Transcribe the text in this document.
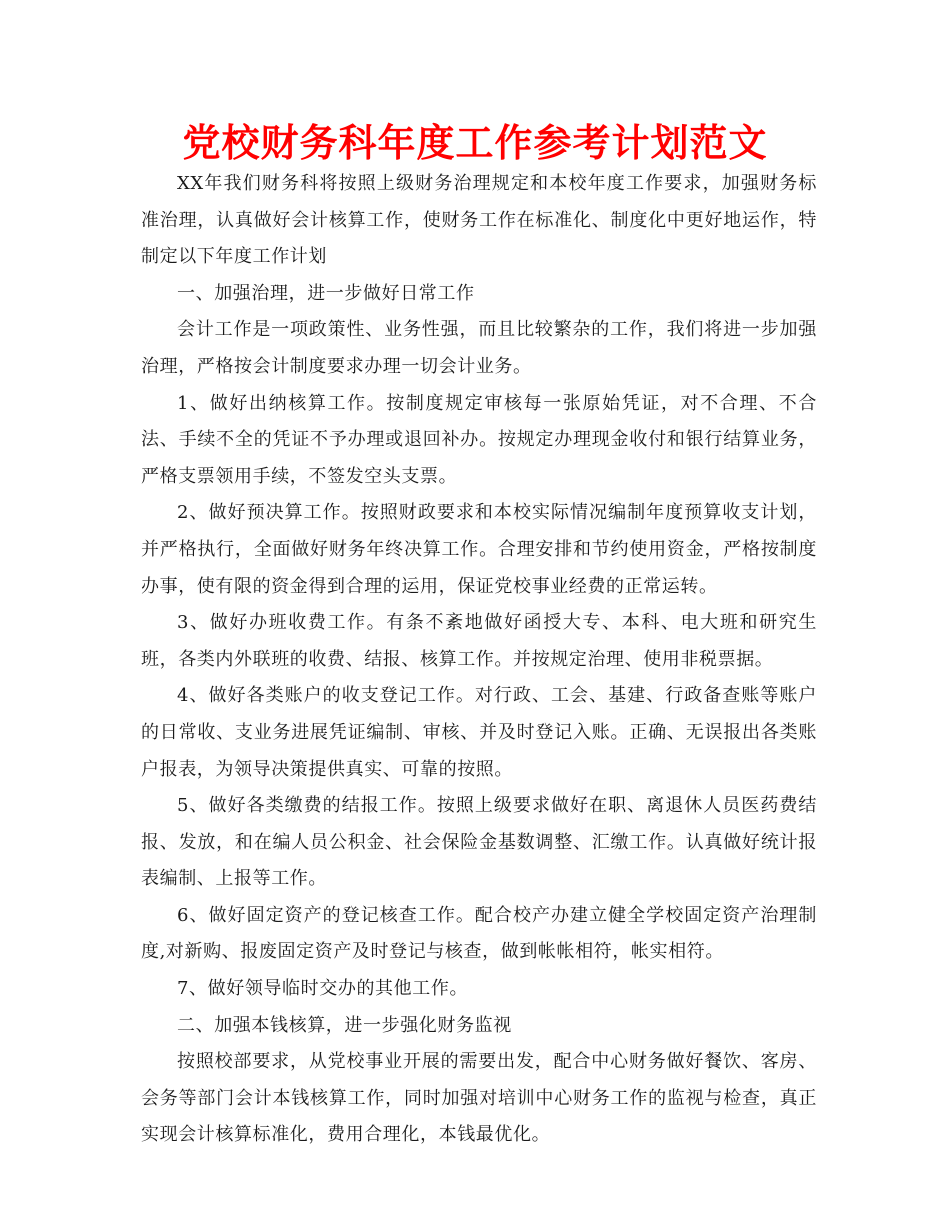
党校财务科年度工作参考计划范文

XX年我们财务科将按照上级财务治理规定和本校年度工作要求，加强财务标准治理，认真做好会计核算工作，使财务工作在标准化、制度化中更好地运作，特制定以下年度工作计划

一、加强治理，进一步做好日常工作

会计工作是一项政策性、业务性强，而且比较繁杂的工作，我们将进一步加强治理，严格按会计制度要求办理一切会计业务。

1、做好出纳核算工作。按制度规定审核每一张原始凭证，对不合理、不合法、手续不全的凭证不予办理或退回补办。按规定办理现金收付和银行结算业务，严格支票领用手续，不签发空头支票。

2、做好预决算工作。按照财政要求和本校实际情况编制年度预算收支计划，并严格执行，全面做好财务年终决算工作。合理安排和节约使用资金，严格按制度办事，使有限的资金得到合理的运用，保证党校事业经费的正常运转。

3、做好办班收费工作。有条不紊地做好函授大专、本科、电大班和研究生班，各类内外联班的收费、结报、核算工作。并按规定治理、使用非税票据。

4、做好各类账户的收支登记工作。对行政、工会、基建、行政备查账等账户的日常收、支业务进展凭证编制、审核、并及时登记入账。正确、无误报出各类账户报表，为领导决策提供真实、可靠的按照。

5、做好各类缴费的结报工作。按照上级要求做好在职、离退休人员医药费结报、发放，和在编人员公积金、社会保险金基数调整、汇缴工作。认真做好统计报表编制、上报等工作。

6、做好固定资产的登记核查工作。配合校产办建立健全学校固定资产治理制度,对新购、报废固定资产及时登记与核查，做到帐帐相符，帐实相符。

7、做好领导临时交办的其他工作。

二、加强本钱核算，进一步强化财务监视

按照校部要求，从党校事业开展的需要出发，配合中心财务做好餐饮、客房、会务等部门会计本钱核算工作，同时加强对培训中心财务工作的监视与检查，真正实现会计核算标准化，费用合理化，本钱最优化。
